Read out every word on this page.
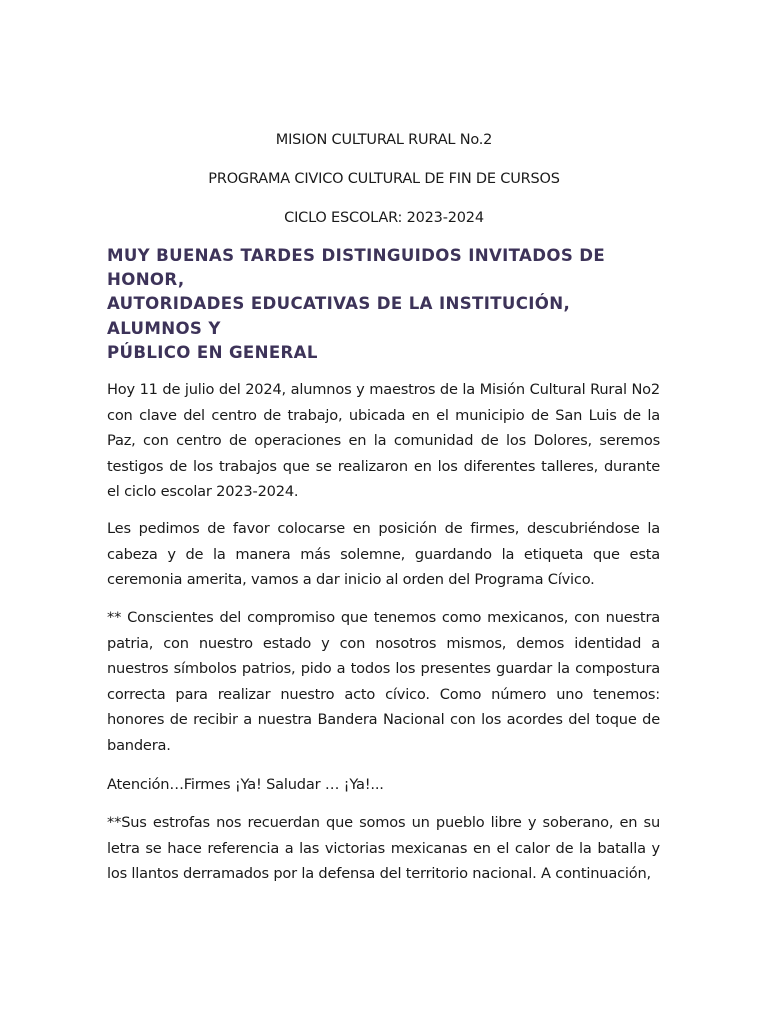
MISION CULTURAL RURAL No.2
PROGRAMA CIVICO CULTURAL DE FIN DE CURSOS
CICLO ESCOLAR: 2023-2024
MUY BUENAS TARDES DISTINGUIDOS INVITADOS DE HONOR,
AUTORIDADES EDUCATIVAS DE LA INSTITUCIÓN, ALUMNOS Y
PÚBLICO EN GENERAL
Hoy 11 de julio del 2024, alumnos y maestros de la Misión Cultural Rural No2 con clave del centro de trabajo, ubicada en el municipio de San Luis de la Paz, con centro de operaciones en la comunidad de los Dolores, seremos testigos de los trabajos que se realizaron en los diferentes talleres, durante el ciclo escolar 2023-2024.
Les pedimos de favor colocarse en posición de firmes, descubriéndose la cabeza y de la manera más solemne, guardando la etiqueta que esta ceremonia amerita, vamos a dar inicio al orden del Programa Cívico.
** Conscientes del compromiso que tenemos como mexicanos, con nuestra patria, con nuestro estado y con nosotros mismos, demos identidad a nuestros símbolos patrios, pido a todos los presentes guardar la compostura correcta para realizar nuestro acto cívico. Como número uno tenemos: honores de recibir a nuestra Bandera Nacional con los acordes del toque de bandera.
Atención…Firmes ¡Ya! Saludar … ¡Ya!...
**Sus estrofas nos recuerdan que somos un pueblo libre y soberano, en su letra se hace referencia a las victorias mexicanas en el calor de la batalla y los llantos derramados por la defensa del territorio nacional. A continuación,
